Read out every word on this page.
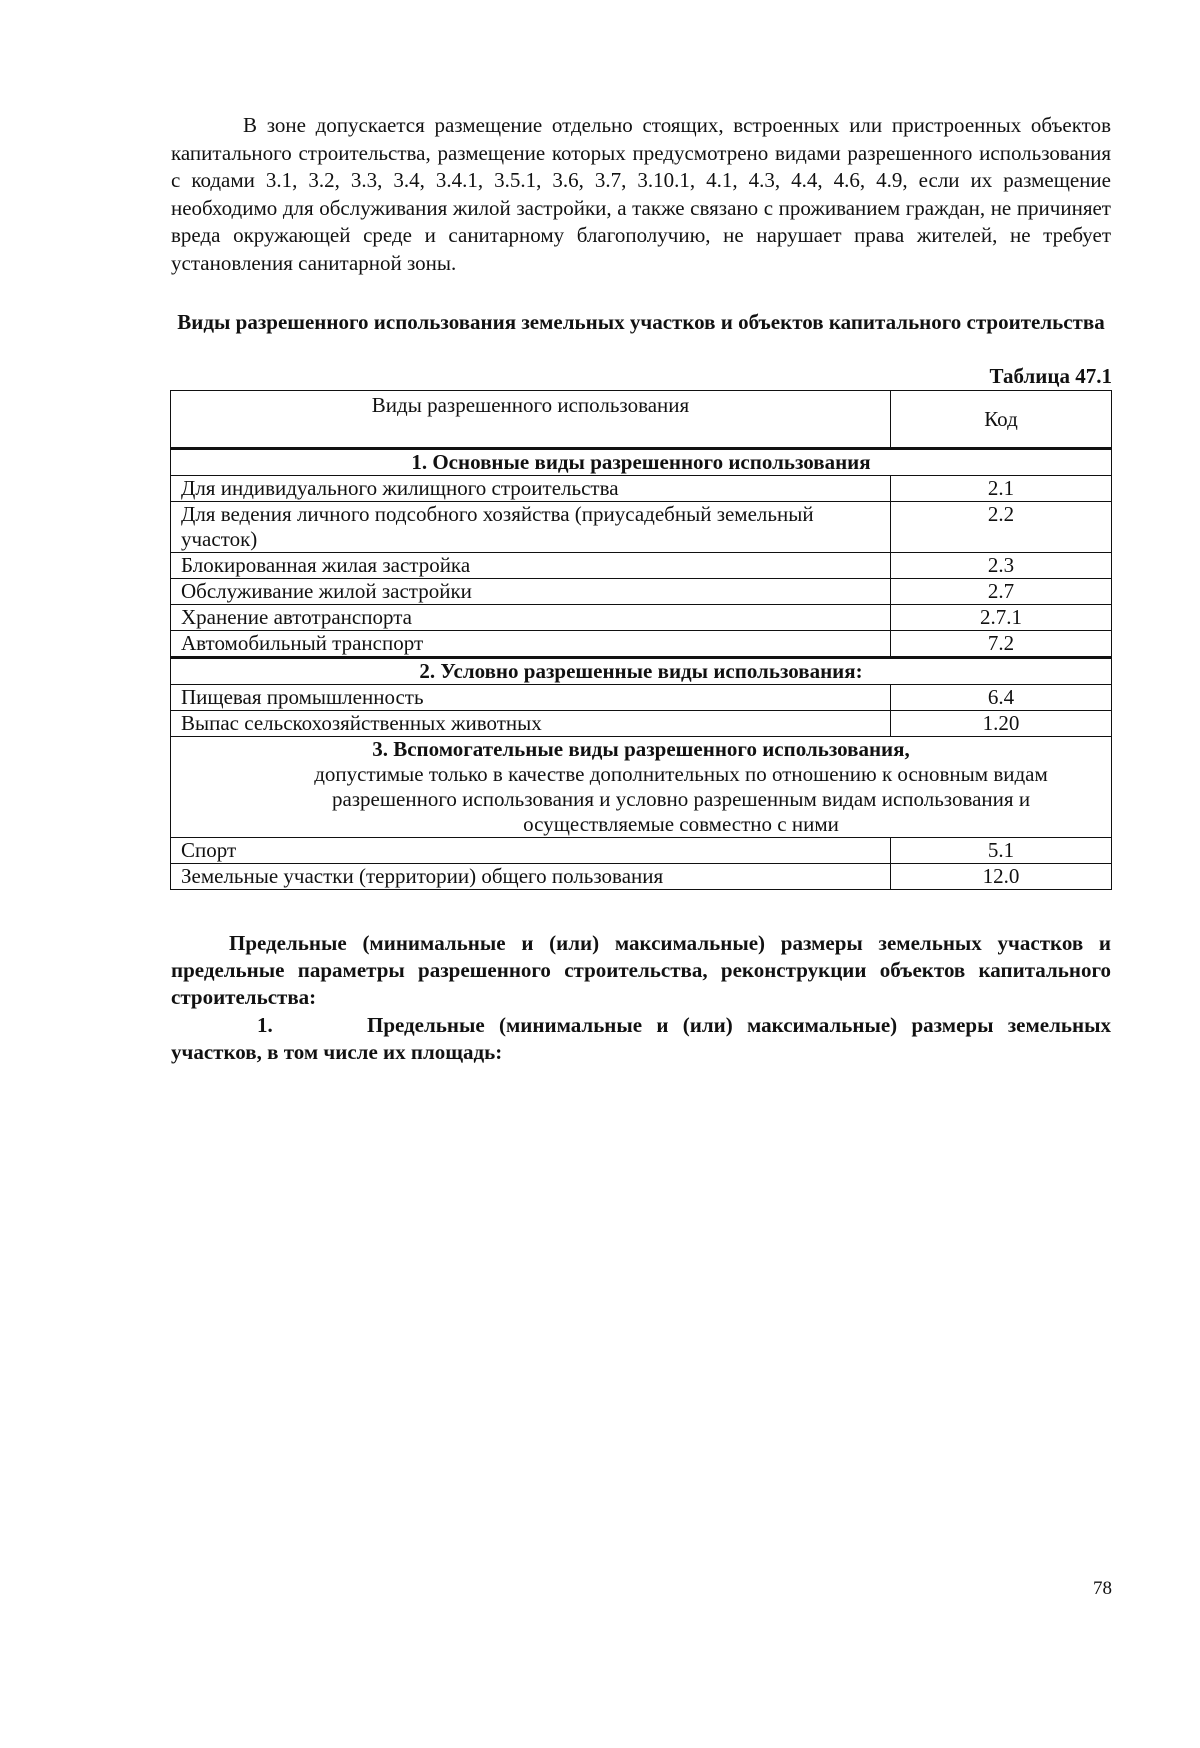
В зоне допускается размещение отдельно стоящих, встроенных или пристроенных объектов капитального строительства, размещение которых предусмотрено видами разрешенного использования с кодами 3.1, 3.2, 3.3, 3.4, 3.4.1, 3.5.1, 3.6, 3.7, 3.10.1, 4.1, 4.3, 4.4, 4.6, 4.9, если их размещение необходимо для обслуживания жилой застройки, а также связано с проживанием граждан, не причиняет вреда окружающей среде и санитарному благополучию, не нарушает права жителей, не требует установления санитарной зоны.

Виды разрешенного использования земельных участков и объектов капитального строительства

Таблица 47.1

Виды разрешенного использования	Код
1. Основные виды разрешенного использования	
Для индивидуального жилищного строительства	2.1
Для ведения личного подсобного хозяйства (приусадебный земельный участок)	2.2
Блокированная жилая застройка	2.3
Обслуживание жилой застройки	2.7
Хранение автотранспорта	2.7.1
Автомобильный транспорт	7.2
2. Условно разрешенные виды использования:	
Пищевая промышленность	6.4
Выпас сельскохозяйственных животных	1.20

3. Вспомогательные виды разрешенного использования,
допустимые только в качестве дополнительных по отношению к основным видам разрешенного использования и условно разрешенным видам использования и осуществляемые совместно с ними	

Спорт	5.1
Земельные участки (территории) общего пользования	12.0

Предельные (минимальные и (или) максимальные) размеры земельных участков и предельные параметры разрешенного строительства, реконструкции объектов капитального строительства:

1.	Предельные (минимальные и (или) максимальные) размеры земельных участков, в том числе их площадь:

78
